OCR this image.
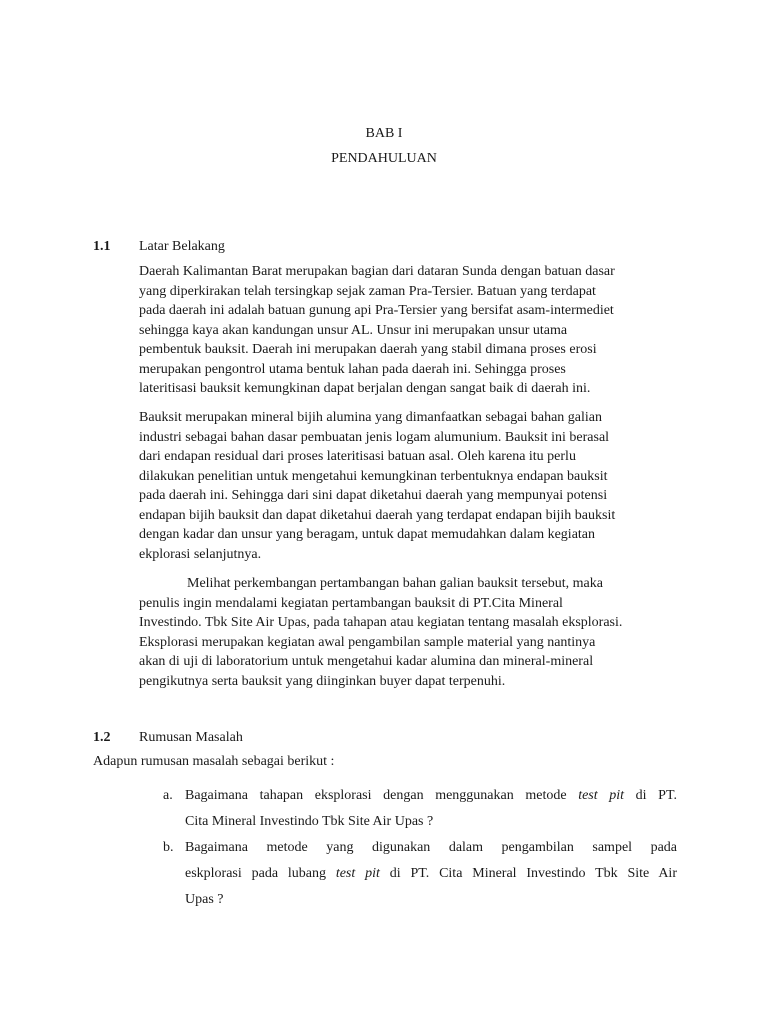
BAB I
PENDAHULUAN
1.1 Latar Belakang

Daerah Kalimantan Barat merupakan bagian dari dataran Sunda dengan batuan dasar
yang diperkirakan telah tersingkap sejak zaman Pra-Tersier. Batuan yang terdapat
pada daerah ini adalah batuan gunung api Pra-Tersier yang bersifat asam-intermediet
sehingga kaya akan kandungan unsur AL. Unsur ini merupakan unsur utama
pembentuk bauksit. Daerah ini merupakan daerah yang stabil dimana proses erosi
merupakan pengontrol utama bentuk lahan pada daerah ini. Sehingga proses
lateritisasi bauksit kemungkinan dapat berjalan dengan sangat baik di daerah ini.

Bauksit merupakan mineral bijih alumina yang dimanfaatkan sebagai bahan galian
industri sebagai bahan dasar pembuatan jenis logam alumunium. Bauksit ini berasal
dari endapan residual dari proses lateritisasi batuan asal. Oleh karena itu perlu
dilakukan penelitian untuk mengetahui kemungkinan terbentuknya endapan bauksit
pada daerah ini. Sehingga dari sini dapat diketahui daerah yang mempunyai potensi
endapan bijih bauksit dan dapat diketahui daerah yang terdapat endapan bijih bauksit
dengan kadar dan unsur yang beragam, untuk dapat memudahkan dalam kegiatan
ekplorasi selanjutnya.

Melihat perkembangan pertambangan bahan galian bauksit tersebut, maka
penulis ingin mendalami kegiatan pertambangan bauksit di PT.Cita Mineral
Investindo. Tbk Site Air Upas, pada tahapan atau kegiatan tentang masalah eksplorasi.
Eksplorasi merupakan kegiatan awal pengambilan sample material yang nantinya
akan di uji di laboratorium untuk mengetahui kadar alumina dan mineral-mineral
pengikutnya serta bauksit yang diinginkan buyer dapat terpenuhi.

1.2 Rumusan Masalah
Adapun rumusan masalah sebagai berikut :
a. Bagaimana tahapan eksplorasi dengan menggunakan metode test pit di PT.
Cita Mineral Investindo Tbk Site Air Upas ?
b. Bagaimana metode yang digunakan dalam pengambilan sampel pada
eskplorasi pada lubang test pit di PT. Cita Mineral Investindo Tbk Site Air
Upas ?
